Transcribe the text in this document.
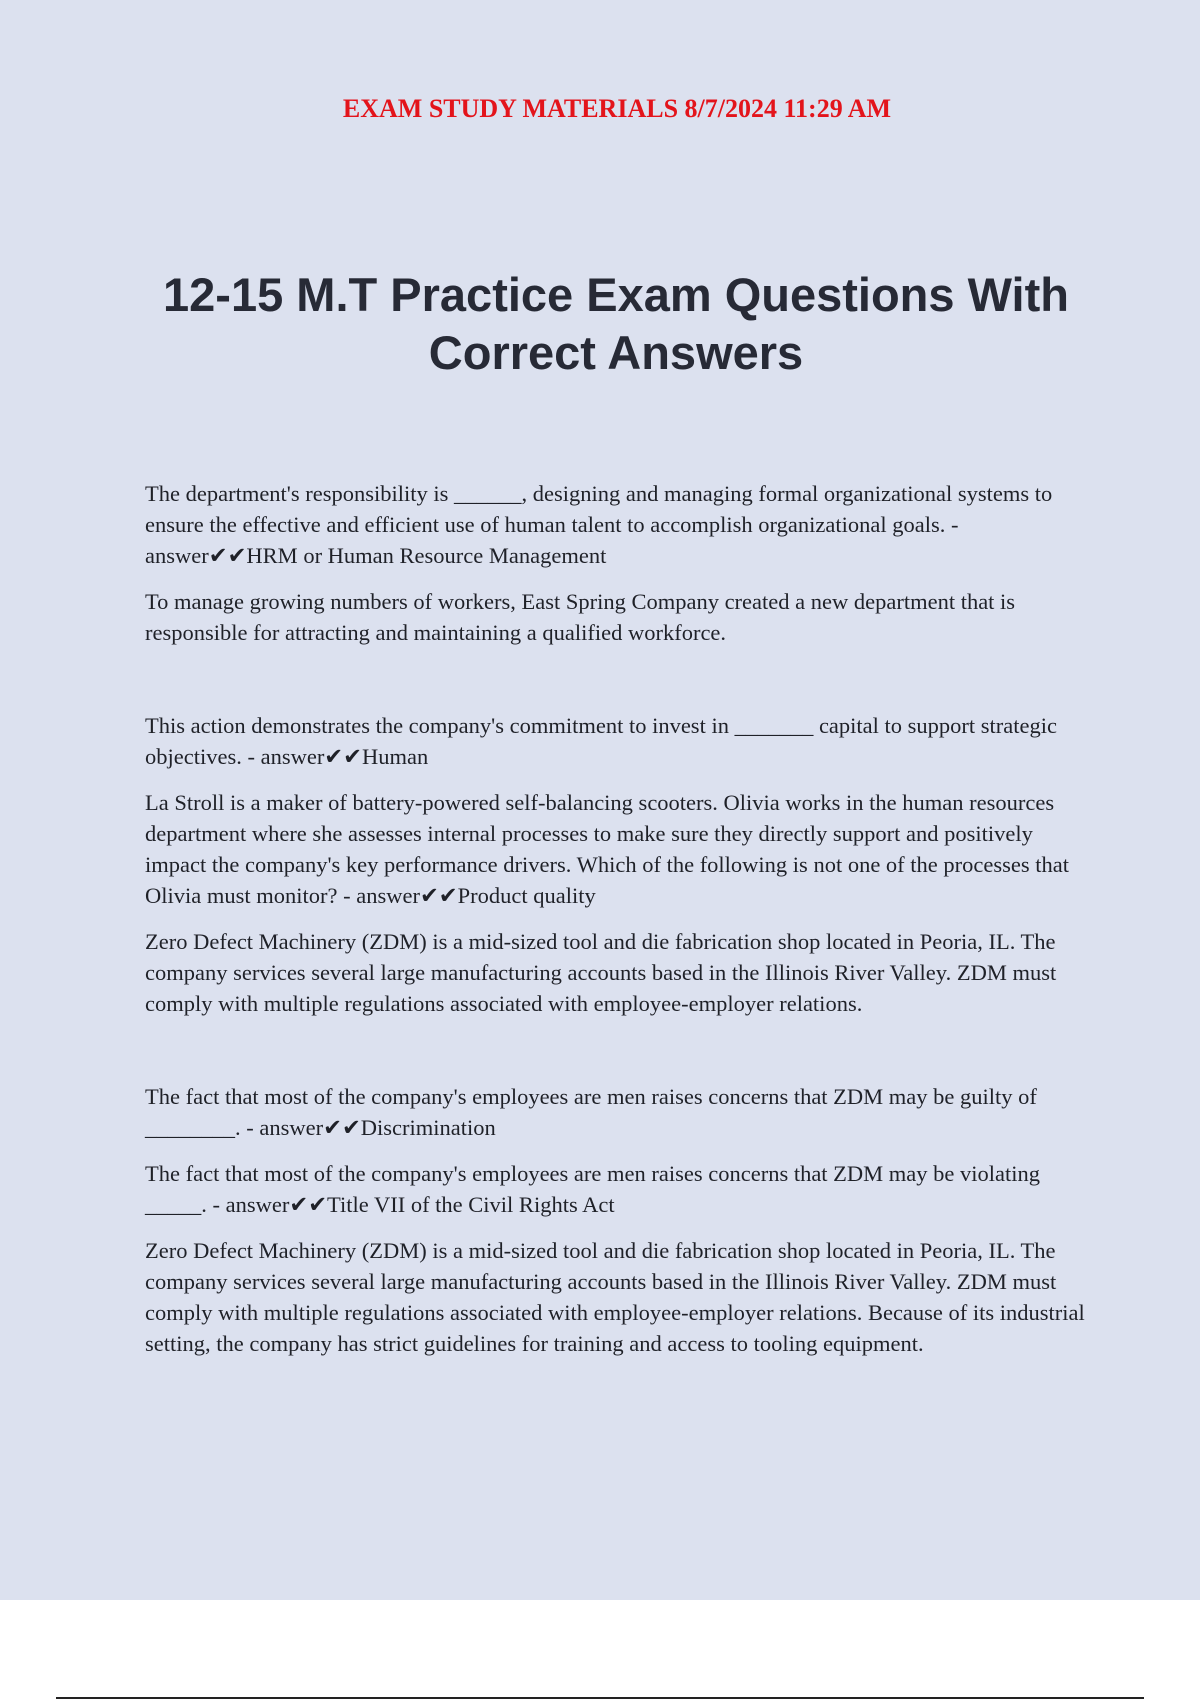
EXAM STUDY MATERIALS 8/7/2024 11:29 AM
12-15 M.T Practice Exam Questions With Correct Answers

The department's responsibility is ______, designing and managing formal organizational systems to ensure the effective and efficient use of human talent to accomplish organizational goals. - answer✔✔HRM or Human Resource Management

To manage growing numbers of workers, East Spring Company created a new department that is responsible for attracting and maintaining a qualified workforce.

This action demonstrates the company's commitment to invest in _______ capital to support strategic objectives. - answer✔✔Human

La Stroll is a maker of battery-powered self-balancing scooters. Olivia works in the human resources department where she assesses internal processes to make sure they directly support and positively impact the company's key performance drivers. Which of the following is not one of the processes that Olivia must monitor? - answer✔✔Product quality

Zero Defect Machinery (ZDM) is a mid-sized tool and die fabrication shop located in Peoria, IL. The company services several large manufacturing accounts based in the Illinois River Valley. ZDM must comply with multiple regulations associated with employee-employer relations.

The fact that most of the company's employees are men raises concerns that ZDM may be guilty of ________. - answer✔✔Discrimination

The fact that most of the company's employees are men raises concerns that ZDM may be violating _____. - answer✔✔Title VII of the Civil Rights Act

Zero Defect Machinery (ZDM) is a mid-sized tool and die fabrication shop located in Peoria, IL. The company services several large manufacturing accounts based in the Illinois River Valley. ZDM must comply with multiple regulations associated with employee-employer relations. Because of its industrial setting, the company has strict guidelines for training and access to tooling equipment.
